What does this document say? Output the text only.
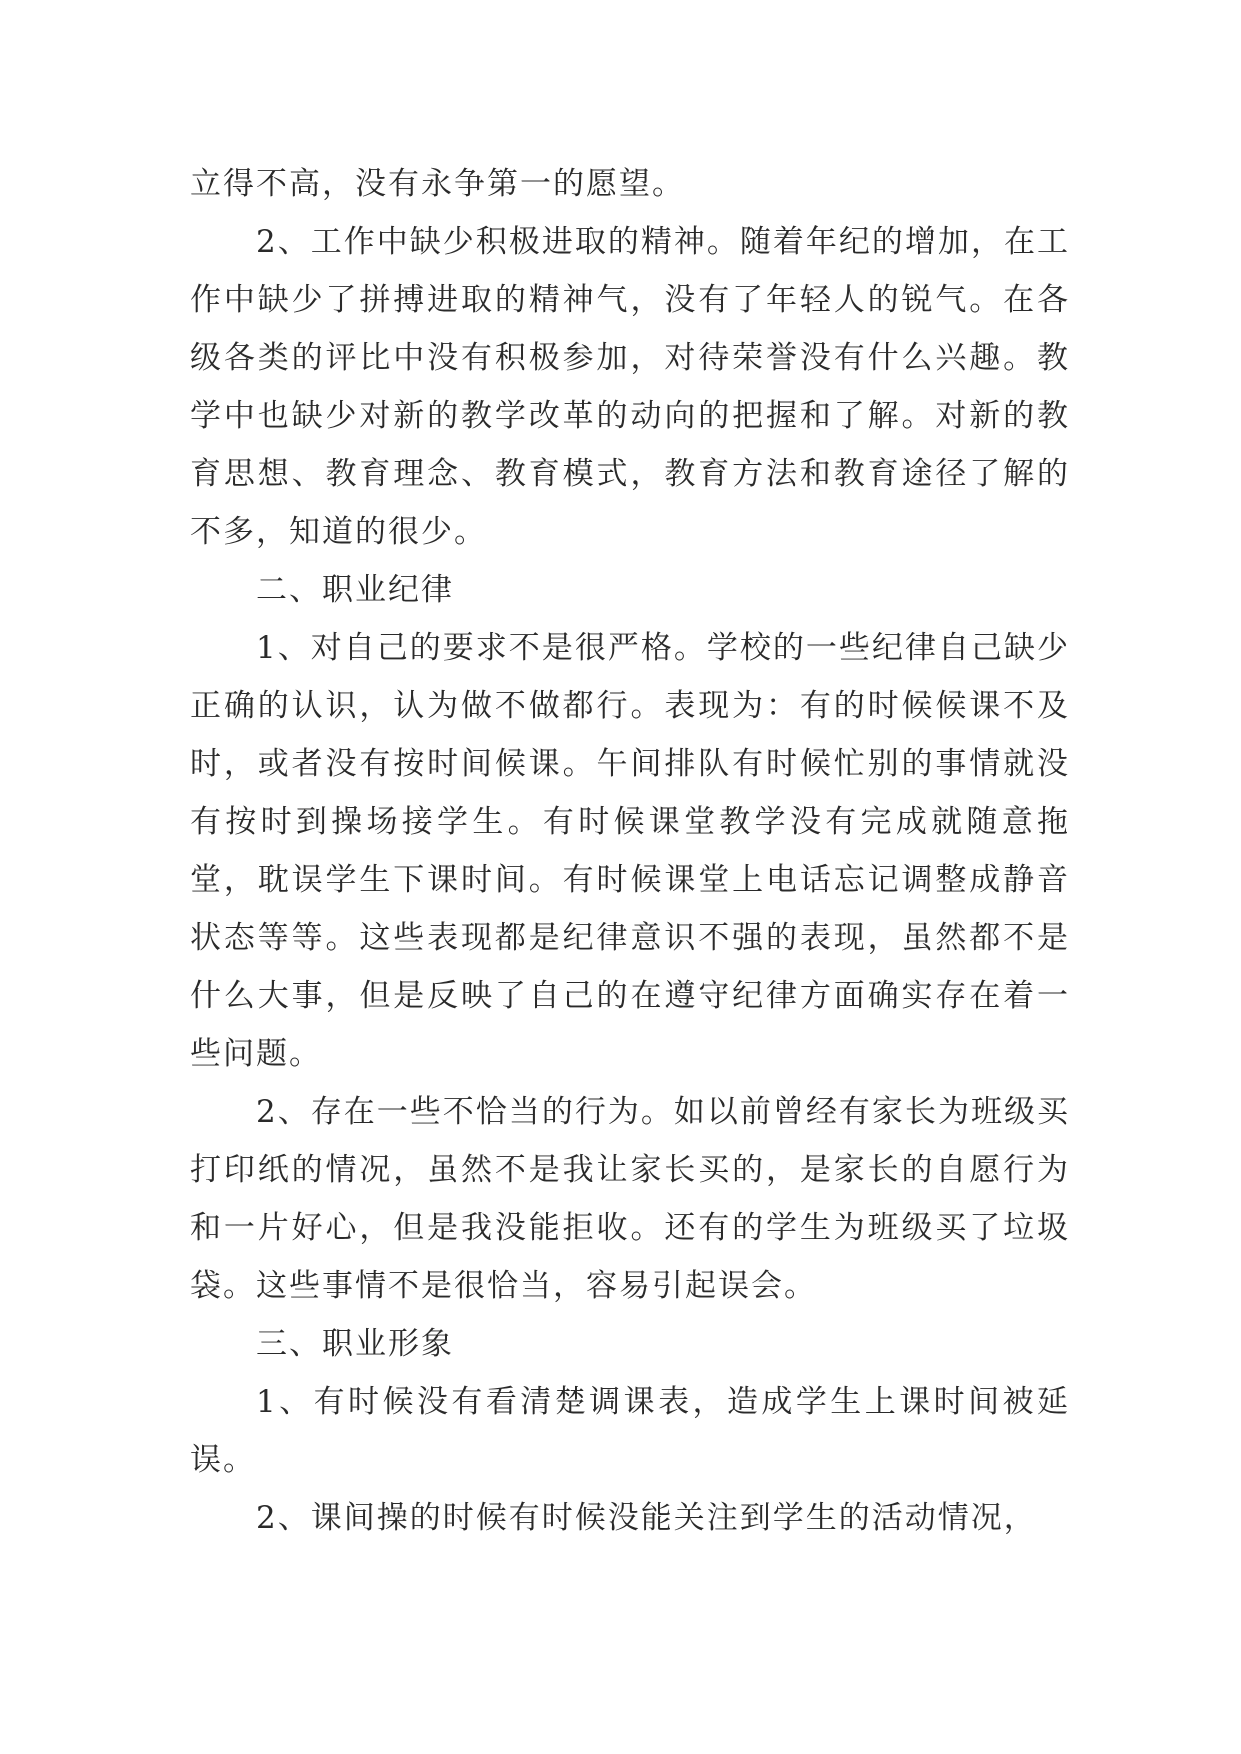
立得不高，没有永争第一的愿望。

2、工作中缺少积极进取的精神。随着年纪的增加，在工作中缺少了拼搏进取的精神气，没有了年轻人的锐气。在各级各类的评比中没有积极参加，对待荣誉没有什么兴趣。教学中也缺少对新的教学改革的动向的把握和了解。对新的教育思想、教育理念、教育模式，教育方法和教育途径了解的不多，知道的很少。

二、职业纪律

1、对自己的要求不是很严格。学校的一些纪律自己缺少正确的认识，认为做不做都行。表现为：有的时候候课不及时，或者没有按时间候课。午间排队有时候忙别的事情就没有按时到操场接学生。有时候课堂教学没有完成就随意拖堂，耽误学生下课时间。有时候课堂上电话忘记调整成静音状态等等。这些表现都是纪律意识不强的表现，虽然都不是什么大事，但是反映了自己的在遵守纪律方面确实存在着一些问题。

2、存在一些不恰当的行为。如以前曾经有家长为班级买打印纸的情况，虽然不是我让家长买的，是家长的自愿行为和一片好心，但是我没能拒收。还有的学生为班级买了垃圾袋。这些事情不是很恰当，容易引起误会。

三、职业形象

1、有时候没有看清楚调课表，造成学生上课时间被延误。

2、课间操的时候有时候没能关注到学生的活动情况，
